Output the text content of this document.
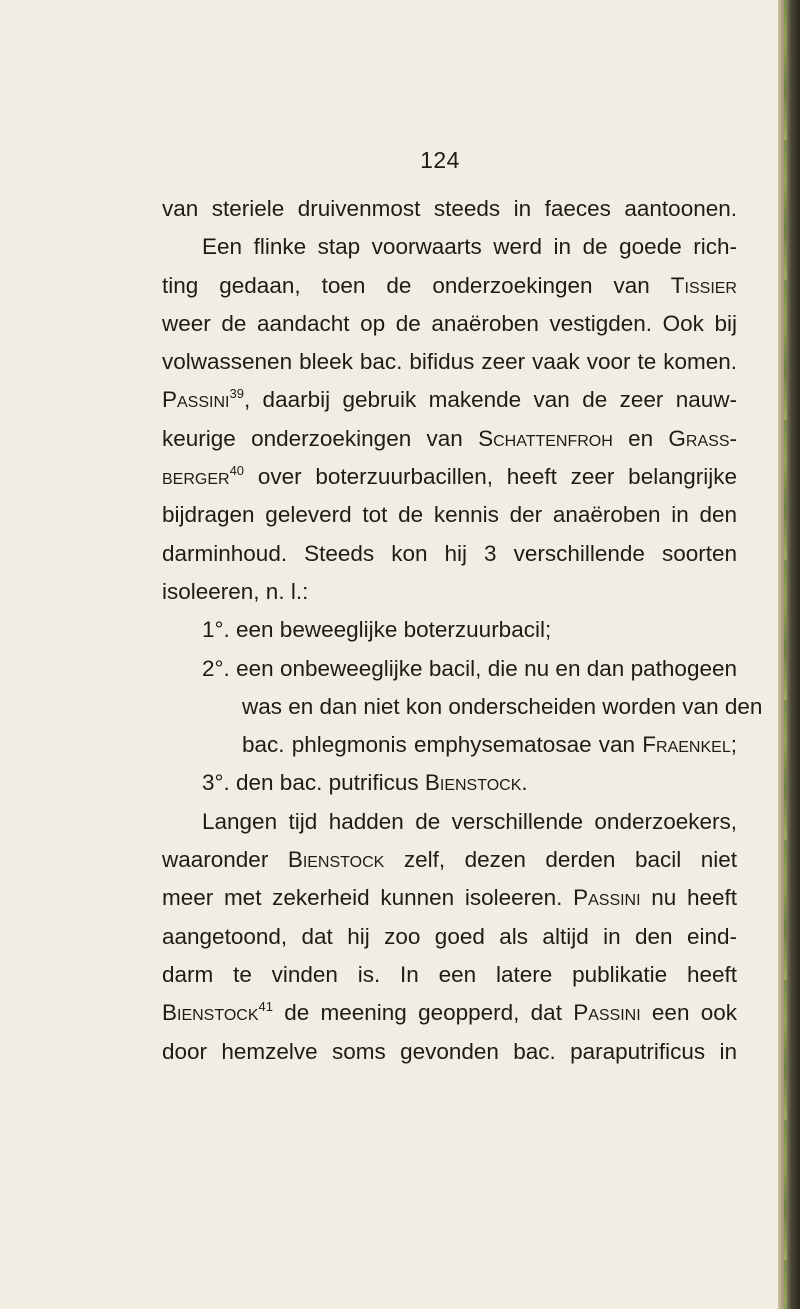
124
van steriele druivenmost steeds in faeces aantoonen.
Een flinke stap voorwaarts werd in de goede rich-
ting gedaan, toen de onderzoekingen van Tissier
weer de aandacht op de anaëroben vestigden. Ook bij
volwassenen bleek bac. bifidus zeer vaak voor te komen.
Passini$^{39}$, daarbij gebruik makende van de zeer nauw-
keurige onderzoekingen van Schattenfroh en Grass-
berger$^{40}$ over boterzuurbacillen, heeft zeer belangrijke
bijdragen geleverd tot de kennis der anaëroben in den
darminhoud. Steeds kon hij 3 verschillende soorten
isoleeren, n. l.:
1°. een beweeglijke boterzuurbacil;
2°. een onbeweeglijke bacil, die nu en dan pathogeen
was en dan niet kon onderscheiden worden van den
bac. phlegmonis emphysematosae van Fraenkel;
3°. den bac. putrificus Bienstock.
Langen tijd hadden de verschillende onderzoekers,
waaronder Bienstock zelf, dezen derden bacil niet
meer met zekerheid kunnen isoleeren. Passini nu heeft
aangetoond, dat hij zoo goed als altijd in den eind-
darm te vinden is. In een latere publikatie heeft
Bienstock$^{41}$ de meening geopperd, dat Passini een ook
door hemzelve soms gevonden bac. paraputrificus in
